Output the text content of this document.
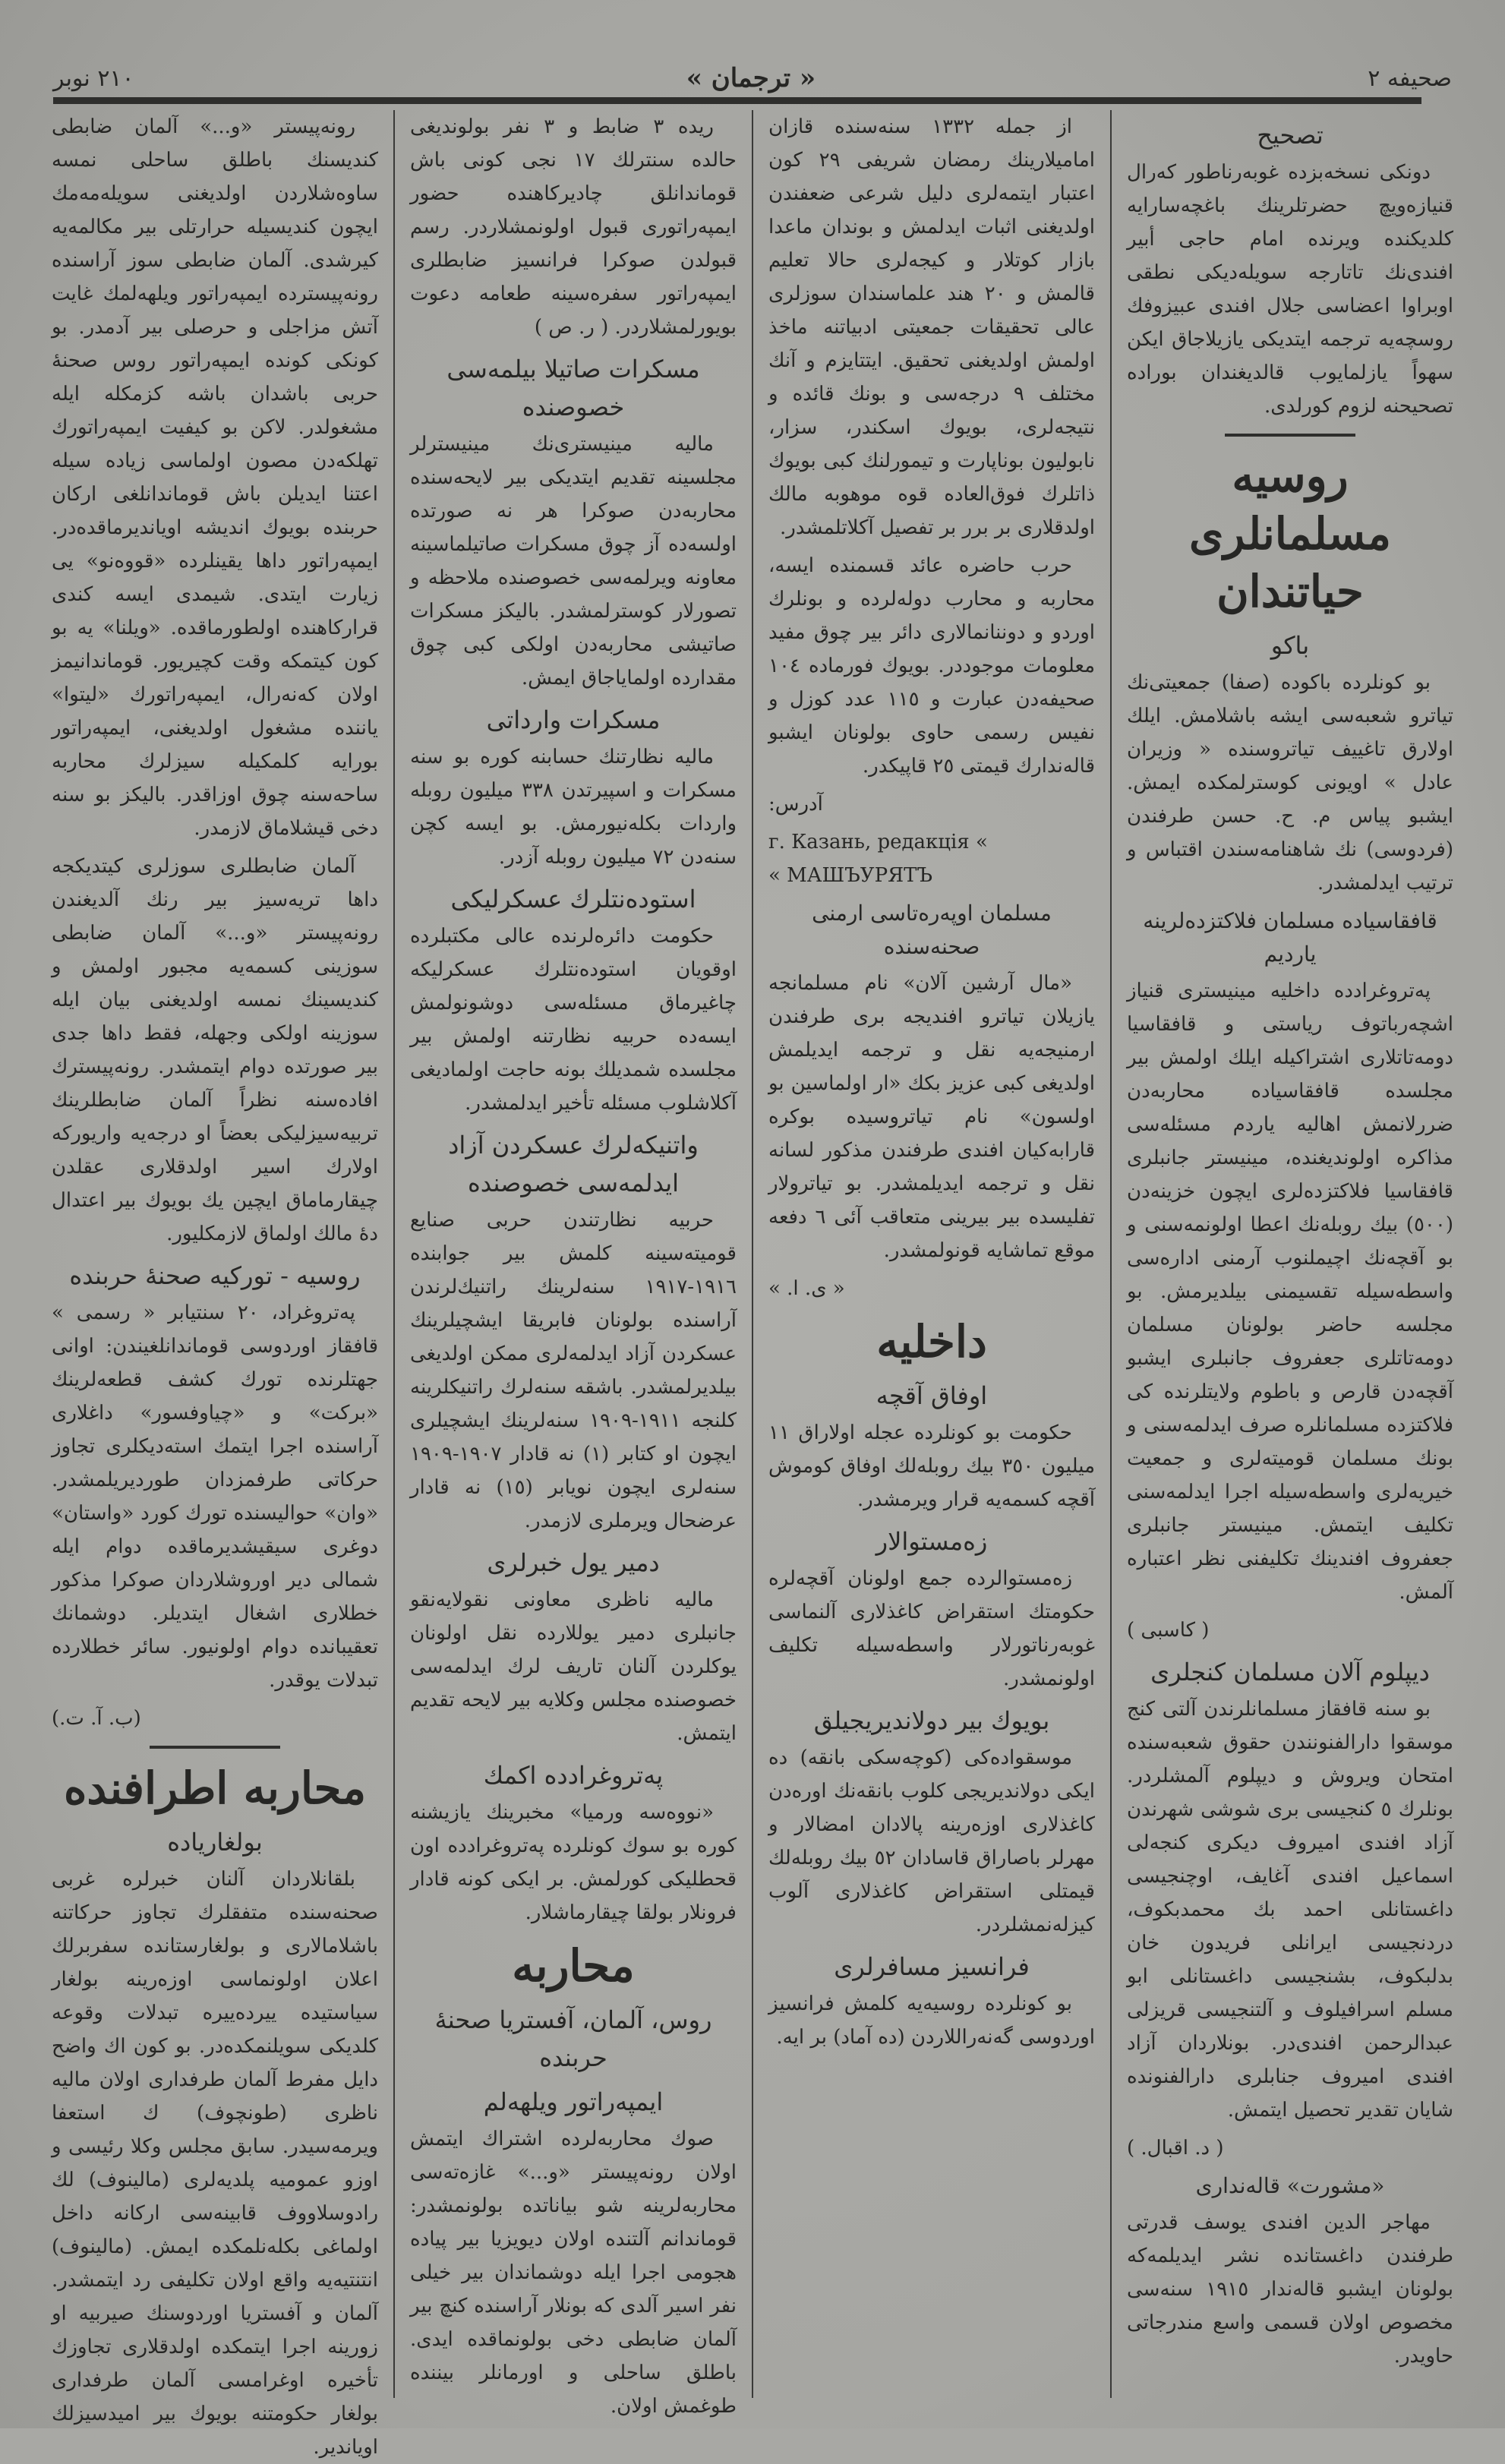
صحیفه ٢
« ترجمان »
٢١٠ نوبر
تصحیح
دونکی نسخه‌بزده غوبه‌رناطور كه‌رال قنیازه‌ویچ حضرتلرینك باغچه‌سارایه کلدیکنده ویرنده امام حاجی أبیر افندی‌نك تاتارجه سویله‌دیکی نطقی اوبراوا اعضاسی جلال افندی عبیزوفك روسچه‌یه ترجمه ایتدیکی یازیلاجاق ایکن سهواً یازلمایوب قالدیغندان بوراده تصحیحنه لزوم کورلدی.
روسیه مسلمانلری حیاتندان
باکو
بو کونلرده باکوده (صفا) جمعیتی‌نك تیاترو شعبه‌سی ایشه باشلامش. ایلك اولارق تاغییف تیاتروسنده « وزیران عادل » اویونی کوسترلمکده ایمش. ایشبو پیاس م. ح. حسن طرفندن (فردوسی) نك شاهنامه‌سندن اقتباس و ترتیب ایدلمشدر.
قافقاسیاده مسلمان فلاکتزده‌لرینه یاردیم
پەتروغرادده داخلیه مینیستری قنیاز اشچه‌رباتوف ریاستی و قافقاسیا دومه‌تاتلاری اشتراکیله ایلك اولمش بیر مجلسده قافقاسیاده محاربه‌دن ضررلانمش اهالیه یاردم مسئله‌سی مذاکره اولوندیغنده، مینیستر جانبلری قافقاسیا فلاکتزده‌لری ایچون خزینه‌دن (٥٠٠) بیك روبله‌نك اعطا اولونمه‌سنی و بو آقچه‌نك اچیملنوب آرمنی اداره‌سی واسطه‌سیله تقسیمنی بیلدیرمش. بو مجلسه حاضر بولونان مسلمان دومه‌تاتلری جعفروف جانبلری ایشبو آقچه‌دن قارص و باطوم ولایتلرنده کی فلاکتزده مسلمانلره صرف ایدلمه‌سنی و بونك مسلمان قومیته‌لری و جمعیت خیریه‌لری واسطه‌سیله اجرا ایدلمه‌سنی تکلیف ایتمش. مینیستر جانبلری جعفروف افندینك تکلیفنی نظر اعتباره آلمش.
( کاسبی )
دیپلوم آلان مسلمان کنجلری
بو سنه قافقاز مسلمانلرندن آلتی کنج موسقوا دارالفنونندن حقوق شعبه‌سنده امتحان ویروش و دیپلوم آلمشلردر. بونلرك ٥ کنجیسی بری شوشی شهرندن آزاد افندی امیروف دیکری کنجه‌لی اسماعیل افندی آغایف، اوچنجیسی داغستانلی احمد بك محمدبکوف، دردنجیسی ایرانلی فریدون خان بدلبکوف، بشنجیسی داغستانلی ابو مسلم اسرافیلوف و آلتنجیسی قریزلی عبدالرحمن افندی‌در. بونلاردان آزاد افندی امیروف جنابلری دارالفنونده شایان تقدیر تحصیل ایتمش.
( د. اقبال. )
«مشورت» قالەنداری
مهاجر الدین افندی یوسف قدرتی طرفندن داغستانده نشر ایدیلمه‌که بولونان ایشبو قالەندار ١٩١٥ سنه‌سی مخصوص اولان قسمی واسع مندرجاتی حاویدر.
از جمله ١٣٣٢ سنه‌سنده قازان امامیلارینك رمضان شریفی ٢٩ کون اعتبار ایتمه‌لری دلیل شرعی ضعفندن اولدیغنی اثبات ایدلمش و بوندان ماعدا بازار کوتلار و کیجه‌لری حالا تعلیم قالمش و ٢٠ هند علماسندان سوزلری عالی تحقیقات جمعیتی ادبیاتنه ماخذ اولمش اولدیغنی تحقیق. ایتتایزم و آنك مختلف ٩ درجه‌سی و بونك قائده و نتیجه‌لری، بویوك اسکندر، سزار، نابولیون بوناپارت و تیمورلنك کبی بویوك ذاتلرك فوق‌العاده قوه موهوبه مالك اولدقلاری بر برر بر تفصیل آکلاتلمشدر.
حرب حاضره عائد قسمنده ایسه، محاربه و محارب دوله‌لرده و بونلرك اوردو و دوننانمالاری دائر بیر چوق مفید معلومات موجوددر. بویوك فورماده ١٠٤ صحیفه‌دن عبارت و ١١٥ عدد کوزل و نفیس رسمی حاوی بولونان ایشبو قالەندارك قیمتی ٢٥ قاپیکدر.
آدرس:
г. Казань, редакція « МАШЪУРЯТЪ »
مسلمان اوپەرەتاسی ارمنی صحنه‌سنده
«مال آرشین آلان» نام مسلمانجه یازیلان تیاترو افندیجه بری طرفندن ارمنیجه‌یه نقل و ترجمه ایدیلمش اولدیغی کبی عزیز بکك «ار اولماسین بو اولسون» نام تیاتروسیده بوکره قارابه‌کیان افندی طرفندن مذکور لسانه نقل و ترجمه ایدیلمشدر. بو تیاترولار تفلیسده بیر بیرینی متعاقب آئی ٦ دفعه موقع تماشایه قونولمشدر.
« ی. ا. »
داخلیه
اوفاق آقچه
حکومت بو کونلرده عجله اولاراق ١١ میلیون ٣٥٠ بیك روبله‌لك اوفاق کوموش آقچه کسمه‌یه قرار ویرمشدر.
زەمستوالار
زەمستوالرده جمع اولونان آقچه‌لره حکومتك استقراض کاغذلاری آلنماسی غوبه‌رناتورلار واسطه‌سیله تکلیف اولونمشدر.
بویوك بیر دولاندیریجیلق
موسقواده‌کی (کوچه‌سکی بانقه) ده ایکی دولاندیریجی کلوب بانقه‌نك اوره‌دن کاغذلاری اوزه‌رینه پالادان امضالار و مهرلر باصاراق قاسادان ٥٢ بیك روبله‌لك قیمتلی استقراض کاغذلاری آلوب کیزله‌نمشلردر.
فرانسیز مسافرلری
بو کونلرده روسیه‌یه کلمش فرانسیز اوردوسی گەنەراللاردن (ده آماد) بر ایه.
ریده ٣ ضابط و ٣ نفر بولوندیغی حالده سنترلك ١٧ نجی کونی باش قوماندانلق چادیرکاهنده حضور ایمپەراتوری قبول اولونمشلاردر. رسم قبولدن صوکرا فرانسیز ضابطلری ایمپەراتور سفره‌سینه طعامه دعوت بویورلمشلاردر. ( ر. ص )
مسکرات صاتیلا بیلمه‌سی خصوصنده
مالیه مینیستری‌نك مینیسترلر مجلسینه تقدیم ایتدیکی بیر لایحه‌سنده محاربه‌دن صوکرا هر نه صورتده اولسه‌ده آز چوق مسکرات صاتیلماسینه معاونه ویرلمه‌سی خصوصنده ملاحظه و تصورلار کوسترلمشدر. بالیکز مسکرات صاتیشی محاربه‌دن اولکی کبی چوق مقدارده اولمایاجاق ایمش.
مسکرات وارداتی
مالیه نظارتنك حسابنه کوره بو سنه مسکرات و اسپیرتدن ٣٣٨ میلیون روبله واردات بکله‌نیورمش. بو ایسه کچن سنه‌دن ٧٢ میلیون روبله آزدر.
استوده‌نتلرك عسکرلیکی
حکومت دائره‌لرنده عالی مکتبلرده اوقویان استوده‌نتلرك عسکرلیکه چاغیرماق مسئله‌سی دوشونولمش ایسه‌ده حربیه نظارتنه اولمش بیر مجلسده شمدیلك بونه حاجت اولمادیغی آکلاشلوب مسئله تأخیر ایدلمشدر.
واتنیکه‌لرك عسکردن آزاد ایدلمه‌سی خصوصنده
حربیه نظارتندن حربی صنایع قومیته‌سینه کلمش بیر جوابنده ١٩١٦-١٩١٧ سنه‌لرینك راتنیك‌لرندن آراسنده بولونان فابریقا ایشچیلرینك عسکردن آزاد ایدلمه‌لری ممکن اولدیغی بیلدیرلمشدر. باشقه سنه‌لرك راتنیکلرینه کلنجه ١٩١١-١٩٠٩ سنه‌لرینك ایشچیلری ایچون او کتابر (١) نه قادار ١٩٠٧-١٩٠٩ سنه‌لری ایچون نویابر (١٥) نه قادار عرضحال ویرملری لازمدر.
دمیر یول خبرلری
مالیه ناظری معاونی نقولایه‌نقو جانبلری دمیر یوللارده نقل اولونان یوکلردن آلنان تاریف لرك ایدلمه‌سی خصوصنده مجلس وکلایه بیر لایحه تقدیم ایتمش.
پەتروغرادده اکمك
«نووه‌سه ورمیا» مخبرینك یازیشنه کوره بو سوك کونلرده پەتروغرادده اون قحطلیکی کورلمش. بر ایکی کونه قادار فرونلار بولقا چیقارماشلار.
محاربه
روس، آلمان، آفستریا صحنهٔ حربنده
ایمپەراتور ویلهەلم
صوك محاربه‌لرده اشتراك ایتمش اولان رونه‌پیستر «و...» غازه‌ته‌سی محاربه‌لرینه شو بیاناتده بولونمشدر: قوماندانم آلتنده اولان دیویزیا بیر پیاده هجومی اجرا ایله دوشماندان بیر خیلی نفر اسیر آلدی که بونلار آراسنده کنچ بیر آلمان ضابطی دخی بولونماقده ایدی. باطلق ساحلی و اورمانلر بیننده طوغمش اولان.
رونه‌پیستر «و...» آلمان ضابطی کندیسنك باطلق ساحلی نمسه ساوه‌شلاردن اولدیغنی سویله‌مه‌مك ایچون کندیسیله حرارتلی بیر مکالمه‌یه کیرشدی. آلمان ضابطی سوز آراسنده رونه‌پیسترده ایمپەراتور ویلهەلمك غایت آتش مزاجلی و حرصلی بیر آدمدر. بو کونکی کونده ایمپەراتور روس صحنهٔ حربی باشدان باشه کزمکله ایله مشغولدر. لاکن بو کیفیت ایمپەراتورك تهلکه‌دن مصون اولماسی زیاده سیله اعتنا ایدیلن باش قوماندانلغی ارکان حربنده بویوك اندیشه اویاندیرماقده‌در. ایمپەراتور داها یقینلرده «قووه‌نو» یی زیارت ایتدی. شیمدی ایسه کندی قرارکاهنده اولطورماقده. «ویلنا» یه بو کون کیتمکه وقت کچیریور. قوماندانیمز اولان کەنەرال، ایمپەراتورك «لیتوا» یاننده مشغول اولدیغنی، ایمپەراتور بورایه کلمکیله سیزلرك محاربه ساحه‌سنه چوق اوزاقدر. بالیکز بو سنه دخی قیشلاماق لازمدر.
آلمان ضابطلری سوزلری کیتدیکجه داها تریه‌سیز بیر رنك آلدیغندن رونه‌پیستر «و...» آلمان ضابطی سوزینی کسمه‌یه مجبور اولمش و کندیسینك نمسه اولدیغنی بیان ایله سوزینه اولکی وجهله، فقط داها جدی بیر صورتده دوام ایتمشدر. رونه‌پیسترك افاده‌سنه نظراً آلمان ضابطلرینك تربیه‌سیزلیکی بعضاً او درجه‌یه واریورکه اولارك اسیر اولدقلاری عقلدن چیقارماماق ایچین یك بویوك بیر اعتدال دهٔ مالك اولماق لازمکلیور.
روسیه - تورکیه صحنهٔ حربنده
پەتروغراد، ٢٠ سنتیابر « رسمی » قافقاز اوردوسی قوماندانلغیندن: اوانی جهتلرنده تورك کشف قطعه‌لرینك «برکت» و «چیاوفسور» داغلاری آراسنده اجرا ایتمك استەدیکلری تجاوز حرکاتی طرفمزدان طوردیریلمشدر. «وان» حوالیسنده تورك کورد «واستان» دوغری سیقیشدیرماقده دوام ایله شمالی دیر اوروشلاردان صوکرا مذکور خطلاری اشغال ایتدیلر. دوشمانك تعقیبانده دوام اولونیور. سائر خطلارده تبدلات یوقدر.
(ب. آ. ت.)
محاربه اطرافنده
بولغاریاده
بلقانلاردان آلنان خبرلره غربی صحنه‌سنده متفقلرك تجاوز حرکاتنه باشلامالاری و بولغارستانده سفربرلك اعلان اولونماسی اوزه‌رینه بولغار سیاستیده ییرده‌ییره تبدلات وقوعه کلدیکی سویلنمکده‌در. بو کون اك واضح دایل مفرط آلمان طرفداری اولان مالیه ناظری (طونچوف) ك استعفا ویرمه‌سیدر. سابق مجلس وکلا رئیسی و اوزو عمومیه پلدیه‌لری (مالینوف) لك رادوسلاووف قابینه‌سی ارکانه داخل اولماغی بکله‌نلمکده ایمش. (مالینوف) انتنتیه‌یه واقع اولان تکلیفی رد ایتمشدر. آلمان و آفستریا اوردوسنك صیربیه او زورینه اجرا ایتمکده اولدقلاری تجاوزك تأخیره اوغرامسی آلمان طرفداری بولغار حکومتنه بویوك بیر امیدسیزلك اویاندیر.
